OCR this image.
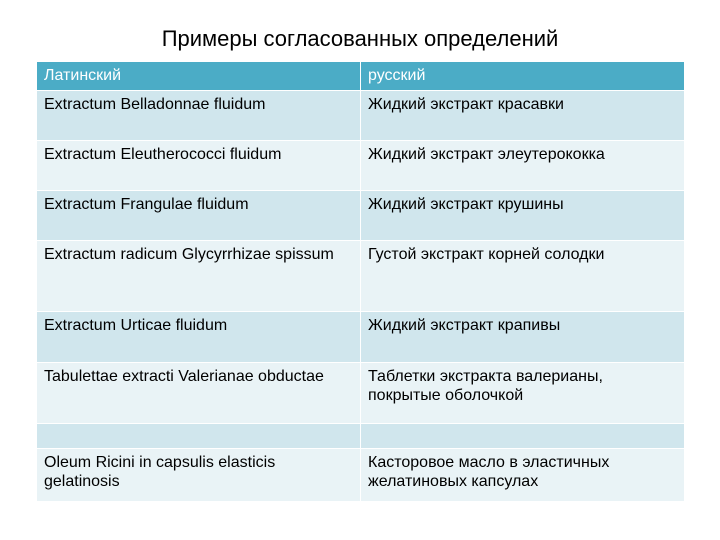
Примеры согласованных определений
Латинский	русский
Extractum Belladonnae fluidum	Жидкий экстракт красавки
Extractum Eleutherococci fluidum	Жидкий экстракт элеутерококка
Extractum Frangulae fluidum	Жидкий экстракт крушины
Extractum radicum Glycyrrhizae spissum	Густой экстракт корней солодки
Extractum Urticae fluidum	Жидкий экстракт крапивы
Tabulettae extracti Valerianae obductae	Таблетки экстракта валерианы, покрытые оболочкой

Oleum Ricini in capsulis elasticis gelatinosis	Касторовое масло в эластичных желатиновых капсулах
